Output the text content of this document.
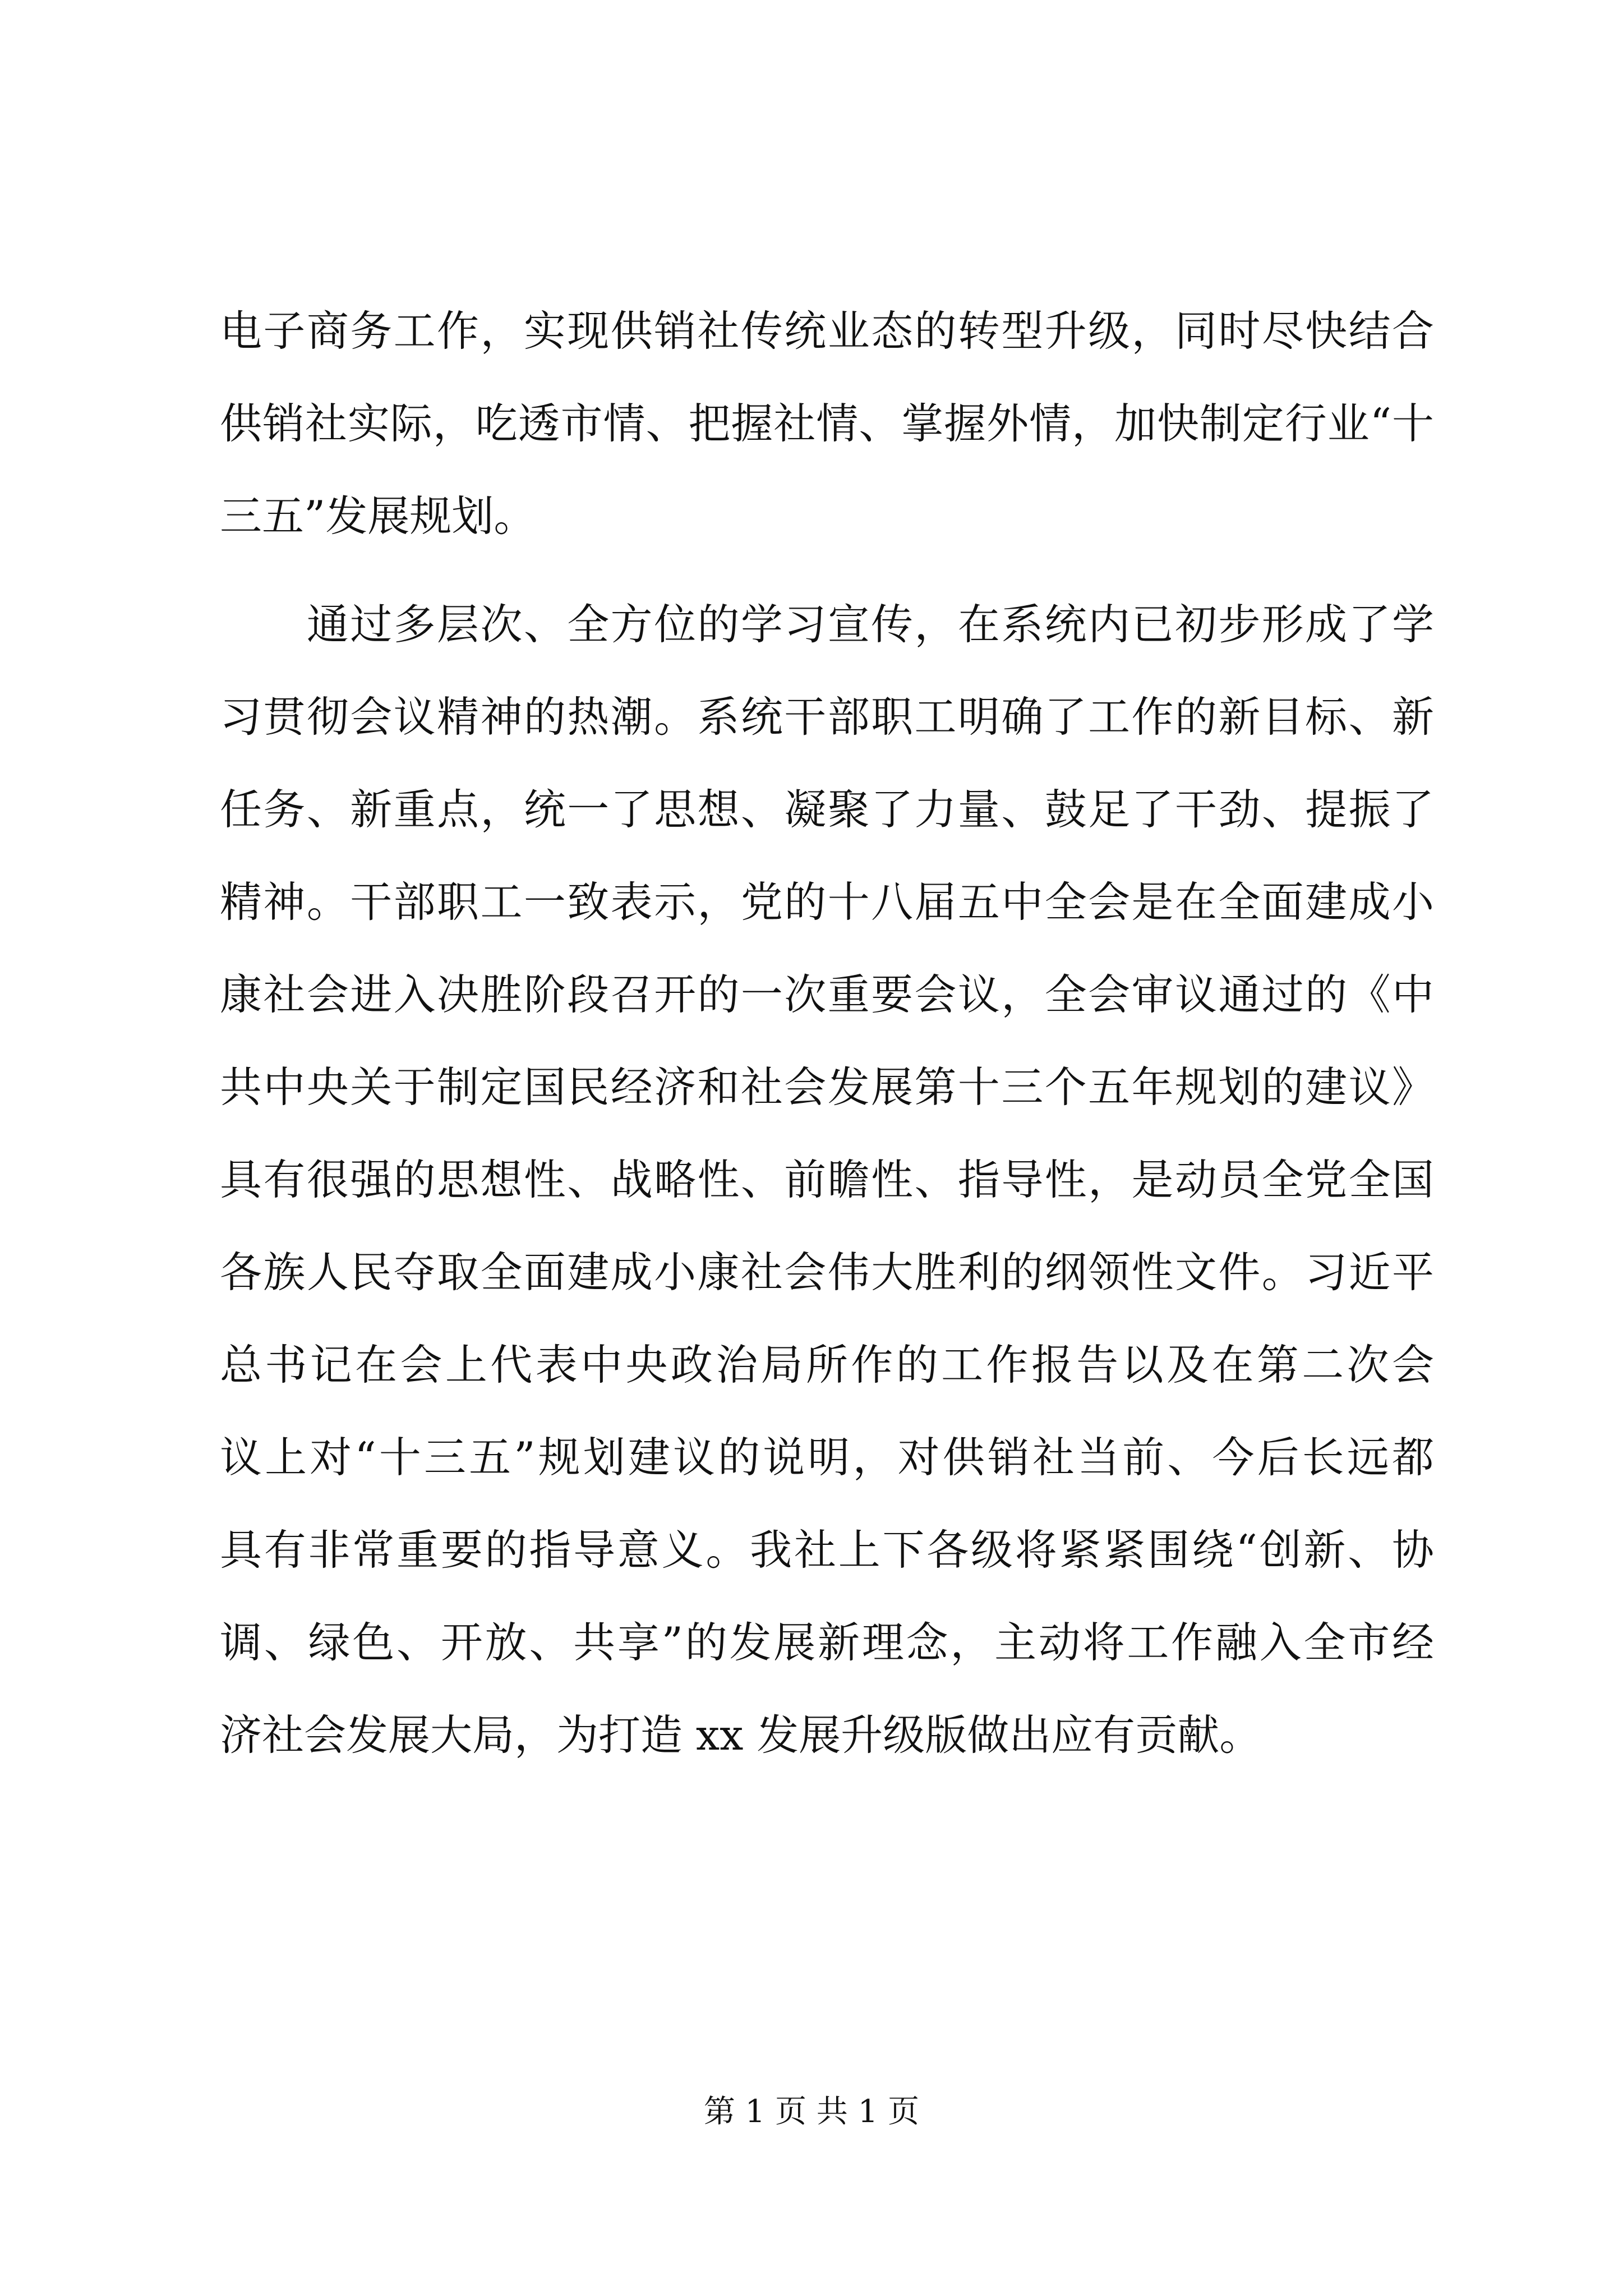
电子商务工作，实现供销社传统业态的转型升级，同时尽快结合
供销社实际，吃透市情、把握社情、掌握外情，加快制定行业“十
三五”发展规划。
　　通过多层次、全方位的学习宣传，在系统内已初步形成了学
习贯彻会议精神的热潮。系统干部职工明确了工作的新目标、新
任务、新重点，统一了思想、凝聚了力量、鼓足了干劲、提振了
精神。干部职工一致表示，党的十八届五中全会是在全面建成小
康社会进入决胜阶段召开的一次重要会议，全会审议通过的《中
共中央关于制定国民经济和社会发展第十三个五年规划的建议》
具有很强的思想性、战略性、前瞻性、指导性，是动员全党全国
各族人民夺取全面建成小康社会伟大胜利的纲领性文件。习近平
总书记在会上代表中央政治局所作的工作报告以及在第二次会
议上对“十三五”规划建议的说明，对供销社当前、今后长远都
具有非常重要的指导意义。我社上下各级将紧紧围绕“创新、协
调、绿色、开放、共享”的发展新理念，主动将工作融入全市经
济社会发展大局，为打造 xx 发展升级版做出应有贡献。
第 1 页 共 1 页
